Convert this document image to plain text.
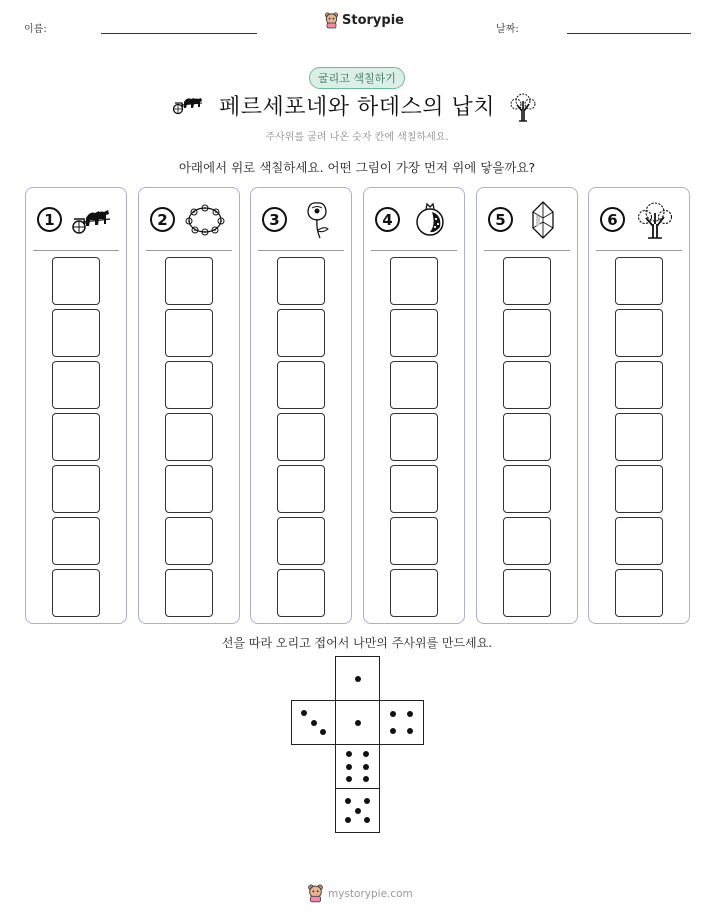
이름:
Storypie
날짜:
굴리고 색칠하기
페르세포네와 하데스의 납치
주사위를 굴려 나온 숫자 칸에 색칠하세요.
아래에서 위로 색칠하세요. 어떤 그림이 가장 먼저 위에 닿을까요?
1	2	3	4	5	6
선을 따라 오리고 접어서 나만의 주사위를 만드세요.
mystorypie.com
